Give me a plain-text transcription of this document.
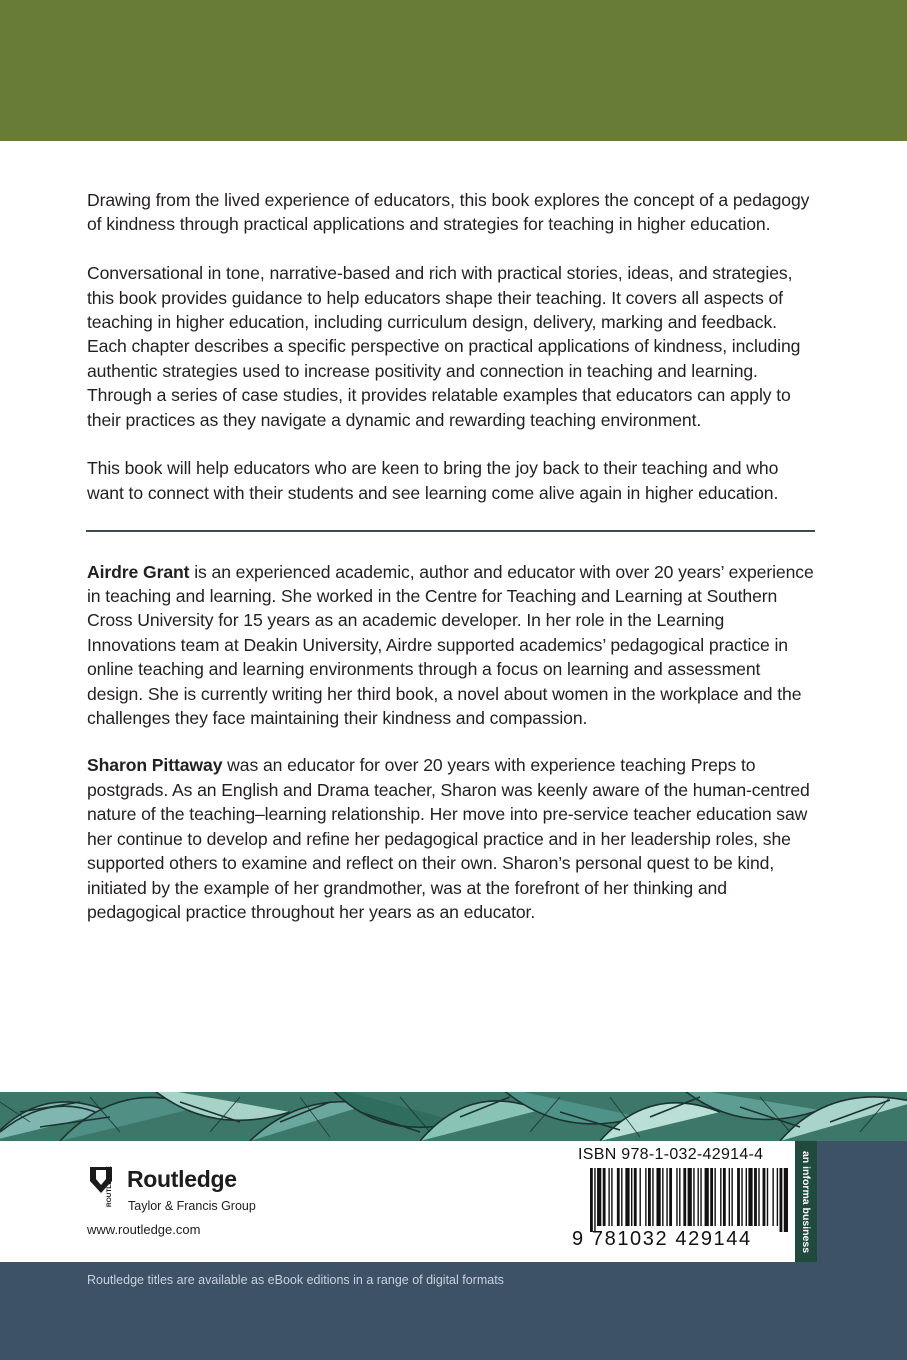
Drawing from the lived experience of educators, this book explores the concept of a pedagogy of kindness through practical applications and strategies for teaching in higher education.

Conversational in tone, narrative-based and rich with practical stories, ideas, and strategies, this book provides guidance to help educators shape their teaching. It covers all aspects of teaching in higher education, including curriculum design, delivery, marking and feedback. Each chapter describes a specific perspective on practical applications of kindness, including authentic strategies used to increase positivity and connection in teaching and learning. Through a series of case studies, it provides relatable examples that educators can apply to their practices as they navigate a dynamic and rewarding teaching environment.

This book will help educators who are keen to bring the joy back to their teaching and who want to connect with their students and see learning come alive again in higher education.

Airdre Grant is an experienced academic, author and educator with over 20 years’ experience in teaching and learning. She worked in the Centre for Teaching and Learning at Southern Cross University for 15 years as an academic developer. In her role in the Learning Innovations team at Deakin University, Airdre supported academics’ pedagogical practice in online teaching and learning environments through a focus on learning and assessment design. She is currently writing her third book, a novel about women in the workplace and the challenges they face maintaining their kindness and compassion.

Sharon Pittaway was an educator for over 20 years with experience teaching Preps to postgrads. As an English and Drama teacher, Sharon was keenly aware of the human-centred nature of the teaching–learning relationship. Her move into pre-service teacher education saw her continue to develop and refine her pedagogical practice and in her leadership roles, she supported others to examine and reflect on their own. Sharon’s personal quest to be kind, initiated by the example of her grandmother, was at the forefront of her thinking and pedagogical practice throughout her years as an educator.

ROUTLEDGE Routledge
Taylor & Francis Group
www.routledge.com
ISBN 978-1-032-42914-4
9 781032 429144	an informa business
Routledge titles are available as eBook editions in a range of digital formats
